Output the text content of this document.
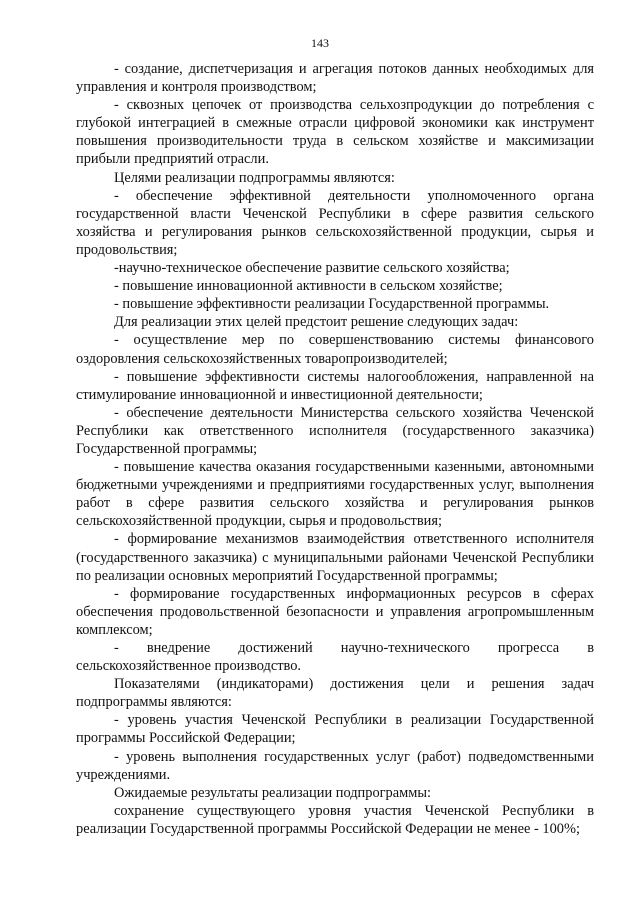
143

- создание, диспетчеризация и агрегация потоков данных необходимых для управления и контроля производством;

- сквозных цепочек от производства сельхозпродукции до потребления с глубокой интеграцией в смежные отрасли цифровой экономики как инструмент повышения производительности труда в сельском хозяйстве и максимизации прибыли предприятий отрасли.

Целями реализации подпрограммы являются:

- обеспечение эффективной деятельности уполномоченного органа государственной власти Чеченской Республики в сфере развития сельского хозяйства и регулирования рынков сельскохозяйственной продукции, сырья и продовольствия;

-научно-техническое обеспечение развитие сельского хозяйства;

- повышение инновационной активности в сельском хозяйстве;

- повышение эффективности реализации Государственной программы.

Для реализации этих целей предстоит решение следующих задач:

- осуществление мер по совершенствованию системы финансового оздоровления сельскохозяйственных товаропроизводителей;

- повышение эффективности системы налогообложения, направленной на стимулирование инновационной и инвестиционной деятельности;

- обеспечение деятельности Министерства сельского хозяйства Чеченской Республики как ответственного исполнителя (государственного заказчика) Государственной программы;

- повышение качества оказания государственными казенными, автономными бюджетными учреждениями и предприятиями государственных услуг, выполнения работ в сфере развития сельского хозяйства и регулирования рынков сельскохозяйственной продукции, сырья и продовольствия;

- формирование механизмов взаимодействия ответственного исполнителя (государственного заказчика) с муниципальными районами Чеченской Республики по реализации основных мероприятий Государственной программы;

- формирование государственных информационных ресурсов в сферах обеспечения продовольственной безопасности и управления агропромышленным комплексом;

- внедрение достижений научно-технического прогресса в сельскохозяйственное производство.

Показателями (индикаторами) достижения цели и решения задач подпрограммы являются:

- уровень участия Чеченской Республики в реализации Государственной программы Российской Федерации;

- уровень выполнения государственных услуг (работ) подведомственными учреждениями.

Ожидаемые результаты реализации подпрограммы:

сохранение существующего уровня участия Чеченской Республики в реализации Государственной программы Российской Федерации не менее - 100%;
